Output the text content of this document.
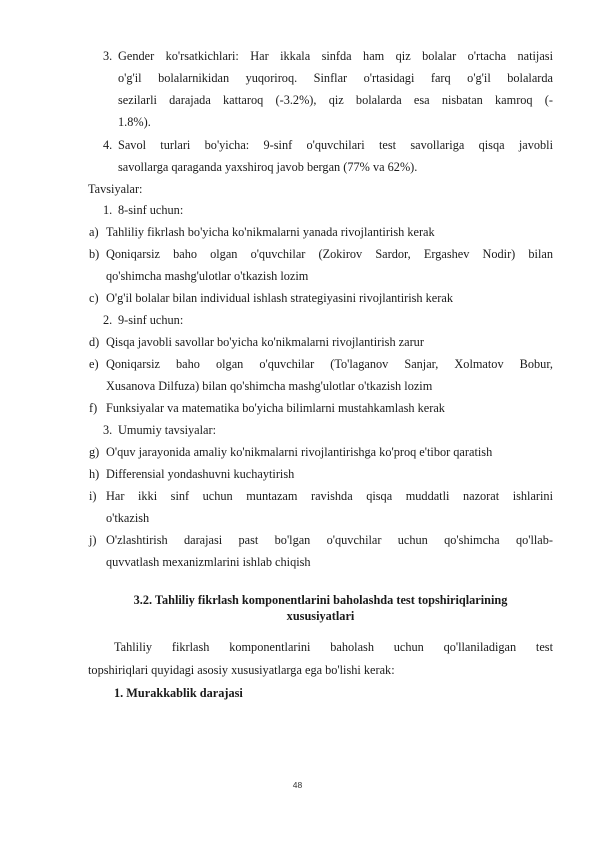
3. Gender ko'rsatkichlari: Har ikkala sinfda ham qiz bolalar o'rtacha natijasi
o'g'il bolalarnikidan yuqoriroq. Sinflar o'rtasidagi farq o'g'il bolalarda
sezilarli darajada kattaroq (-3.2%), qiz bolalarda esa nisbatan kamroq (-
1.8%).
4. Savol turlari bo'yicha: 9-sinf o'quvchilari test savollariga qisqa javobli
savollarga qaraganda yaxshiroq javob bergan (77% va 62%).
Tavsiyalar:
1. 8-sinf uchun:
a) Tahliliy fikrlash bo'yicha ko'nikmalarni yanada rivojlantirish kerak
b) Qoniqarsiz baho olgan o'quvchilar (Zokirov Sardor, Ergashev Nodir) bilan
qo'shimcha mashg'ulotlar o'tkazish lozim
c) O'g'il bolalar bilan individual ishlash strategiyasini rivojlantirish kerak
2. 9-sinf uchun:
d) Qisqa javobli savollar bo'yicha ko'nikmalarni rivojlantirish zarur
e) Qoniqarsiz baho olgan o'quvchilar (To'laganov Sanjar, Xolmatov Bobur,
Xusanova Dilfuza) bilan qo'shimcha mashg'ulotlar o'tkazish lozim
f) Funksiyalar va matematika bo'yicha bilimlarni mustahkamlash kerak
3. Umumiy tavsiyalar:
g) O'quv jarayonida amaliy ko'nikmalarni rivojlantirishga ko'proq e'tibor qaratish
h) Differensial yondashuvni kuchaytirish
i) Har ikki sinf uchun muntazam ravishda qisqa muddatli nazorat ishlarini
o'tkazish
j) O'zlashtirish darajasi past bo'lgan o'quvchilar uchun qo'shimcha qo'llab-
quvvatlash mexanizmlarini ishlab chiqish
3.2. Tahliliy fikrlash komponentlarini baholashda test topshiriqlarining
xususiyatlari
Tahliliy fikrlash komponentlarini baholash uchun qo'llaniladigan test
topshiriqlari quyidagi asosiy xususiyatlarga ega bo'lishi kerak:
1. Murakkablik darajasi
48
